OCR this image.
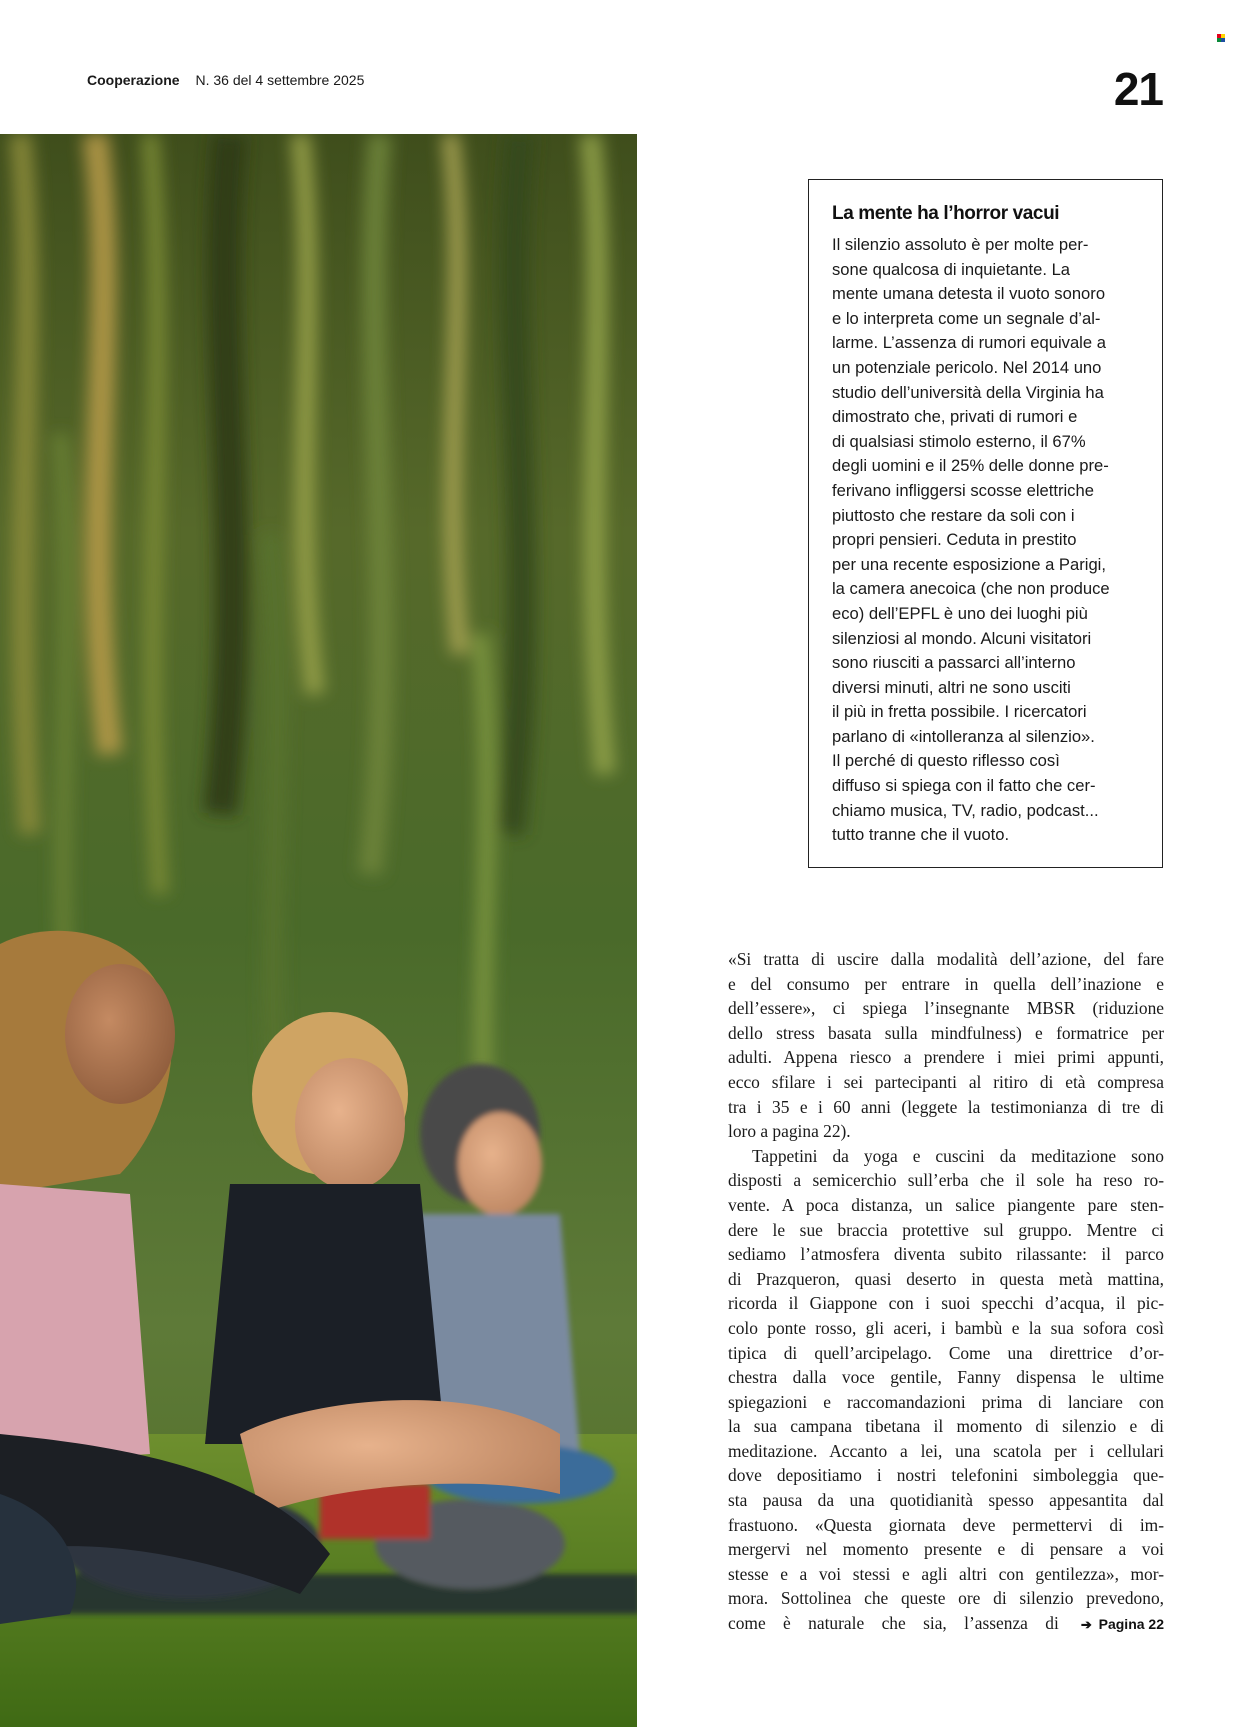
Cooperazione N. 36 del 4 settembre 2025	21
La mente ha l’horror vacui
Il silenzio assoluto è per molte per-
sone qualcosa di inquietante. La
mente umana detesta il vuoto sonoro
e lo interpreta come un segnale d’al-
larme. L’assenza di rumori equivale a
un potenziale pericolo. Nel 2014 uno
studio dell’università della Virginia ha
dimostrato che, privati di rumori e
di qualsiasi stimolo esterno, il 67%
degli uomini e il 25% delle donne pre-
ferivano infliggersi scosse elettriche
piuttosto che restare da soli con i
propri pensieri. Ceduta in prestito
per una recente esposizione a Parigi,
la camera anecoica (che non produce
eco) dell’EPFL è uno dei luoghi più
silenziosi al mondo. Alcuni visitatori
sono riusciti a passarci all’interno
diversi minuti, altri ne sono usciti
il più in fretta possibile. I ricercatori
parlano di «intolleranza al silenzio».
Il perché di questo riflesso così
diffuso si spiega con il fatto che cer-
chiamo musica, TV, radio, podcast...
tutto tranne che il vuoto.
«Si tratta di uscire dalla modalità dell’azione, del fare
e del consumo per entrare in quella dell’inazione e
dell’essere», ci spiega l’insegnante MBSR (riduzione
dello stress basata sulla mindfulness) e formatrice per
adulti. Appena riesco a prendere i miei primi appunti,
ecco sfilare i sei partecipanti al ritiro di età compresa
tra i 35 e i 60 anni (leggete la testimonianza di tre di
loro a pagina 22).
Tappetini da yoga e cuscini da meditazione sono
disposti a semicerchio sull’erba che il sole ha reso ro-
vente. A poca distanza, un salice piangente pare sten-
dere le sue braccia protettive sul gruppo. Mentre ci
sediamo l’atmosfera diventa subito rilassante: il parco
di Prazqueron, quasi deserto in questa metà mattina,
ricorda il Giappone con i suoi specchi d’acqua, il pic-
colo ponte rosso, gli aceri, i bambù e la sua sofora così
tipica di quell’arcipelago. Come una direttrice d’or-
chestra dalla voce gentile, Fanny dispensa le ultime
spiegazioni e raccomandazioni prima di lanciare con
la sua campana tibetana il momento di silenzio e di
meditazione. Accanto a lei, una scatola per i cellulari
dove depositiamo i nostri telefonini simboleggia que-
sta pausa da una quotidianità spesso appesantita dal
frastuono. «Questa giornata deve permettervi di im-
mergervi nel momento presente e di pensare a voi
stesse e a voi stessi e agli altri con gentilezza», mor-
mora. Sottolinea che queste ore di silenzio prevedono,
come è naturale che sia, l’assenza di ➔ Pagina 22
